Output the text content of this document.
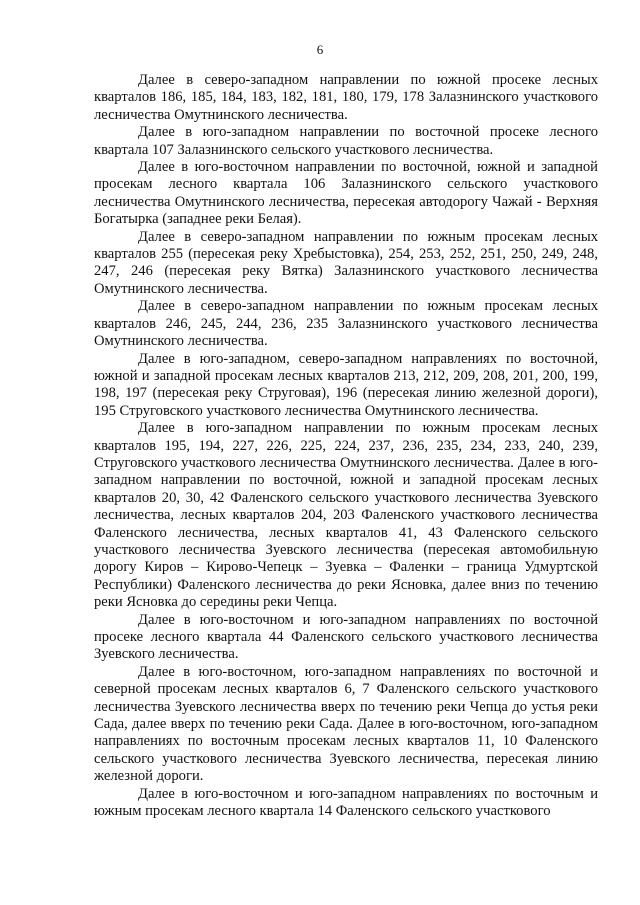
6

Далее в северо-западном направлении по южной просеке лесных кварталов 186, 185, 184, 183, 182, 181, 180, 179, 178 Залазнинского участкового лесничества Омутнинского лесничества.

Далее в юго-западном направлении по восточной просеке лесного квартала 107 Залазнинского сельского участкового лесничества.

Далее в юго-восточном направлении по восточной, южной и западной просекам лесного квартала 106 Залазнинского сельского участкового лесничества Омутнинского лесничества, пересекая автодорогу Чажай - Верхняя Богатырка (западнее реки Белая).

Далее в северо-западном направлении по южным просекам лесных кварталов 255 (пересекая реку Хребыстовка), 254, 253, 252, 251, 250, 249, 248, 247, 246 (пересекая реку Вятка) Залазнинского участкового лесничества Омутнинского лесничества.

Далее в северо-западном направлении по южным просекам лесных кварталов 246, 245, 244, 236, 235 Залазнинского участкового лесничества Омутнинского лесничества.

Далее в юго-западном, северо-западном направлениях по восточной, южной и западной просекам лесных кварталов 213, 212, 209, 208, 201, 200, 199, 198, 197 (пересекая реку Струговая), 196 (пересекая линию железной дороги), 195 Струговского участкового лесничества Омутнинского лесничества.

Далее в юго-западном направлении по южным просекам лесных кварталов 195, 194, 227, 226, 225, 224, 237, 236, 235, 234, 233, 240, 239, Струговского участкового лесничества Омутнинского лесничества. Далее в юго-западном направлении по восточной, южной и западной просекам лесных кварталов 20, 30, 42 Фаленского сельского участкового лесничества Зуевского лесничества, лесных кварталов 204, 203 Фаленского участкового лесничества Фаленского лесничества, лесных кварталов 41, 43 Фаленского сельского участкового лесничества Зуевского лесничества (пересекая автомобильную дорогу Киров – Кирово-Чепецк – Зуевка – Фаленки – граница Удмуртской Республики) Фаленского лесничества до реки Ясновка, далее вниз по течению реки Ясновка до середины реки Чепца.

Далее в юго-восточном и юго-западном направлениях по восточной просеке лесного квартала 44 Фаленского сельского участкового лесничества Зуевского лесничества.

Далее в юго-восточном, юго-западном направлениях по восточной и северной просекам лесных кварталов 6, 7 Фаленского сельского участкового лесничества Зуевского лесничества вверх по течению реки Чепца до устья реки Сада, далее вверх по течению реки Сада. Далее в юго-восточном, юго-западном направлениях по восточным просекам лесных кварталов 11, 10 Фаленского сельского участкового лесничества Зуевского лесничества, пересекая линию железной дороги.

Далее в юго-восточном и юго-западном направлениях по восточным и южным просекам лесного квартала 14 Фаленского сельского участкового
